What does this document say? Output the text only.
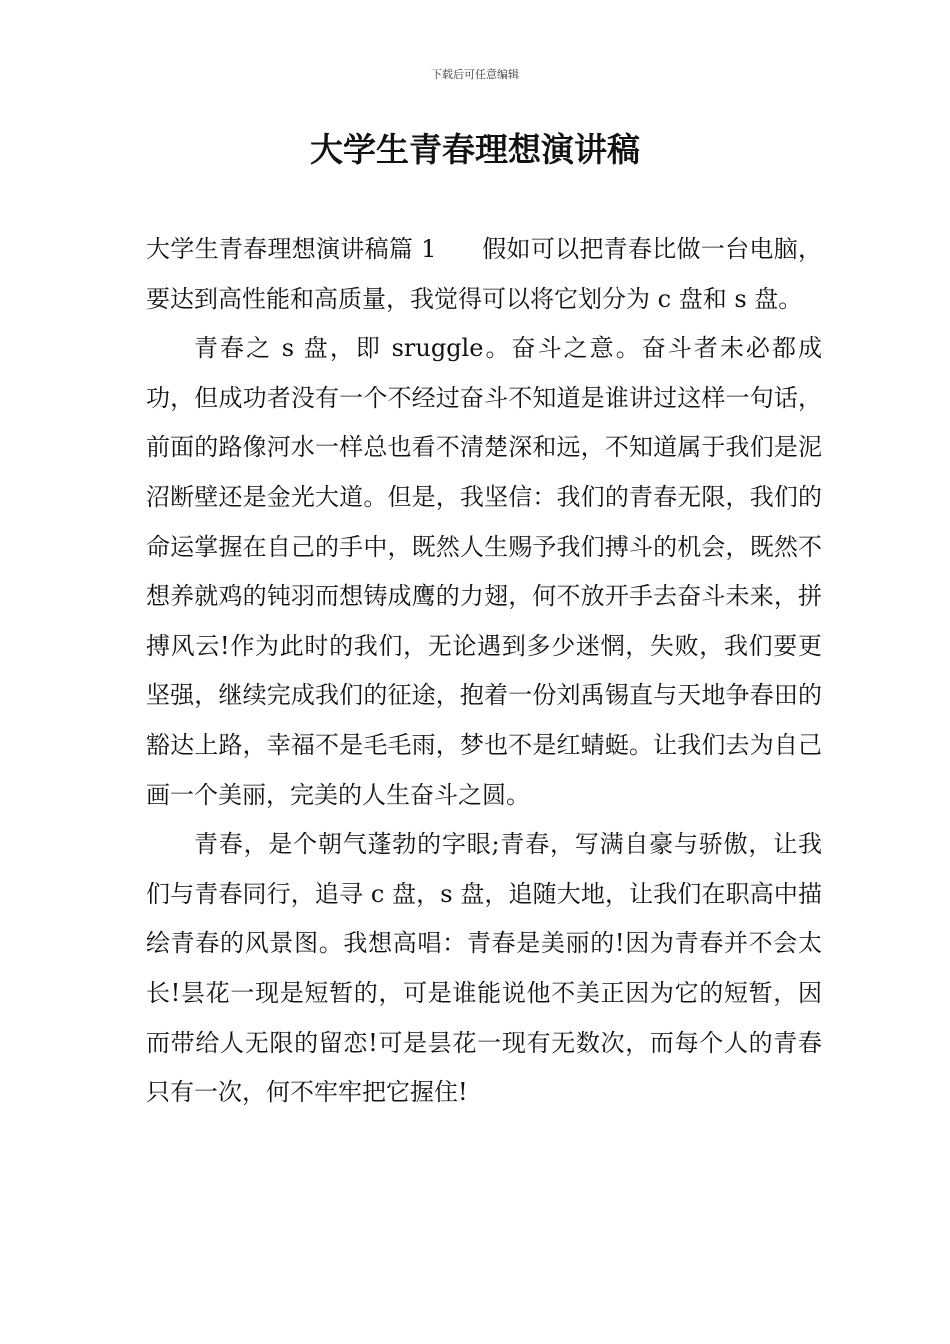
下载后可任意编辑
大学生青春理想演讲稿

大学生青春理想演讲稿篇 1 假如可以把青春比做一台电脑，要达到高性能和高质量，我觉得可以将它划分为 c 盘和 s 盘。

青春之 s 盘，即 sruggle。奋斗之意。奋斗者未必都成功，但成功者没有一个不经过奋斗不知道是谁讲过这样一句话，前面的路像河水一样总也看不清楚深和远，不知道属于我们是泥沼断壁还是金光大道。但是，我坚信：我们的青春无限，我们的命运掌握在自己的手中，既然人生赐予我们搏斗的机会，既然不想养就鸡的钝羽而想铸成鹰的力翅，何不放开手去奋斗未来，拼搏风云!作为此时的我们，无论遇到多少迷惘，失败，我们要更坚强，继续完成我们的征途，抱着一份刘禹锡直与天地争春田的豁达上路，幸福不是毛毛雨，梦也不是红蜻蜓。让我们去为自己画一个美丽，完美的人生奋斗之圆。

青春，是个朝气蓬勃的字眼;青春，写满自豪与骄傲，让我们与青春同行，追寻 c 盘，s 盘，追随大地，让我们在职高中描绘青春的风景图。我想高唱：青春是美丽的!因为青春并不会太长!昙花一现是短暂的，可是谁能说他不美正因为它的短暂，因而带给人无限的留恋!可是昙花一现有无数次，而每个人的青春只有一次，何不牢牢把它握住!
